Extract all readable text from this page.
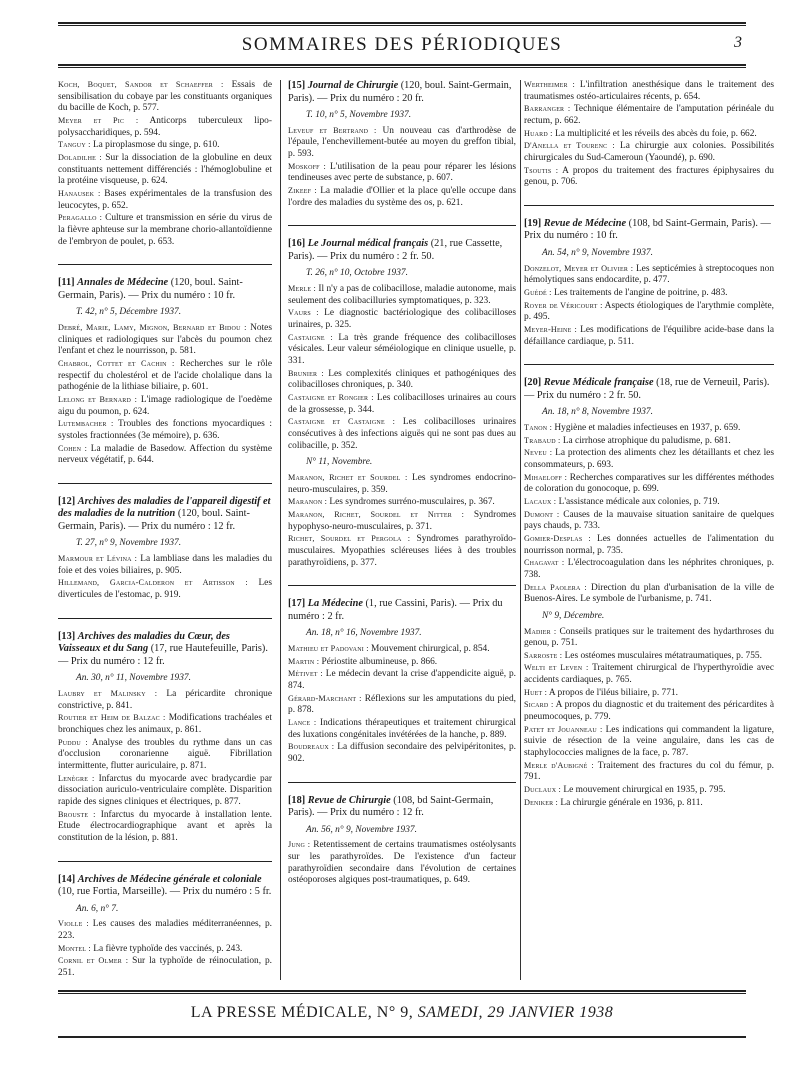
SOMMAIRES DES PÉRIODIQUES	3
Koch, Boquet, Sandor et Schaeffer : Essais de sensibilisation du cobaye par les constituants organiques du bacille de Koch, p. 577.
Meyer et Pic : Anticorps tuberculeux lipo-polysaccharidiques, p. 594.
Tanguy : La piroplasmose du singe, p. 610.
Doladilhe : Sur la dissociation de la globuline en deux constituants nettement différenciés : l'hémoglobuline et la protéine visqueuse, p. 624.
Hanausek : Bases expérimentales de la transfusion des leucocytes, p. 652.
Peragallo : Culture et transmission en série du virus de la fièvre aphteuse sur la membrane chorio-allantoïdienne de l'embryon de poulet, p. 653.
[11] Annales de Médecine (120, boul. Saint-Germain, Paris). — Prix du numéro : 10 fr.
T. 42, n° 5, Décembre 1937.
Debré, Marie, Lamy, Mignon, Bernard et Bidou : Notes cliniques et radiologiques sur l'abcès du poumon chez l'enfant et chez le nourrisson, p. 581.
Chabrol, Cottet et Cachin : Recherches sur le rôle respectif du cholestérol et de l'acide cholalique dans la pathogénie de la lithiase biliaire, p. 601.
Lelong et Bernard : L'image radiologique de l'oedème aigu du poumon, p. 624.
Lutembacher : Troubles des fonctions myocardiques : systoles fractionnées (3e mémoire), p. 636.
Cohen : La maladie de Basedow. Affection du système nerveux végétatif, p. 644.
[12] Archives des maladies de l'appareil digestif et des maladies de la nutrition (120, boul. Saint-Germain, Paris). — Prix du numéro : 12 fr.
T. 27, n° 9, Novembre 1937.
Marmour et Lévina : La lambliase dans les maladies du foie et des voies biliaires, p. 905.
Hillemand, Garcia-Calderon et Artisson : Les diverticules de l'estomac, p. 919.
[13] Archives des maladies du Cœur, des Vaisseaux et du Sang (17, rue Hautefeuille, Paris). — Prix du numéro : 12 fr.
An. 30, n° 11, Novembre 1937.
Laubry et Malinsky : La péricardite chronique constrictive, p. 841.
Routier et Heim de Balzac : Modifications trachéales et bronchiques chez les animaux, p. 861.
Puddu : Analyse des troubles du rythme dans un cas d'occlusion coronarienne aiguë. Fibrillation intermittente, flutter auriculaire, p. 871.
Lenègre : Infarctus du myocarde avec bradycardie par dissociation auriculo-ventriculaire complète. Disparition rapide des signes cliniques et électriques, p. 877.
Brouste : Infarctus du myocarde à installation lente. Etude électrocardiographique avant et après la constitution de la lésion, p. 881.
[14] Archives de Médecine générale et coloniale (10, rue Fortia, Marseille). — Prix du numéro : 5 fr.
An. 6, n° 7.
Violle : Les causes des maladies méditerranéennes, p. 223.
Montel : La fièvre typhoïde des vaccinés, p. 243.
Cornil et Olmer : Sur la typhoïde de réinoculation, p. 251.
[15] Journal de Chirurgie (120, boul. Saint-Germain, Paris). — Prix du numéro : 20 fr.
T. 10, n° 5, Novembre 1937.
Leveuf et Bertrand : Un nouveau cas d'arthrodèse de l'épaule, l'enchevillement-butée au moyen du greffon tibial, p. 593.
Moskoff : L'utilisation de la peau pour réparer les lésions tendineuses avec perte de substance, p. 607.
Zikeef : La maladie d'Ollier et la place qu'elle occupe dans l'ordre des maladies du système des os, p. 621.
[16] Le Journal médical français (21, rue Cassette, Paris). — Prix du numéro : 2 fr. 50.
T. 26, n° 10, Octobre 1937.
Merle : Il n'y a pas de colibacillose, maladie autonome, mais seulement des colibacilluries symptomatiques, p. 323.
Vaurs : Le diagnostic bactériologique des colibacilloses urinaires, p. 325.
Castaigne : La très grande fréquence des colibacilloses vésicales. Leur valeur séméiologique en clinique usuelle, p. 331.
Brunier : Les complexités cliniques et pathogéniques des colibacilloses chroniques, p. 340.
Castaigne et Rongier : Les colibacilloses urinaires au cours de la grossesse, p. 344.
Castaigne et Castaigne : Les colibacilloses urinaires consécutives à des infections aiguës qui ne sont pas dues au colibacille, p. 352.
N° 11, Novembre.
Maranon, Richet et Sourdel : Les syndromes endocrino-neuro-musculaires, p. 359.
Maranon : Les syndromes surréno-musculaires, p. 367.
Maranon, Richet, Sourdel et Nitter : Syndromes hypophyso-neuro-musculaires, p. 371.
Richet, Sourdel et Pergola : Syndromes parathyroïdo-musculaires. Myopathies scléreuses liées à des troubles parathyroïdiens, p. 377.
[17] La Médecine (1, rue Cassini, Paris). — Prix du numéro : 2 fr.
An. 18, n° 16, Novembre 1937.
Mathieu et Padovani : Mouvement chirurgical, p. 854.
Martin : Périostite albumineuse, p. 866.
Métivet : Le médecin devant la crise d'appendicite aiguë, p. 874.
Gérard-Marchant : Réflexions sur les amputations du pied, p. 878.
Lance : Indications thérapeutiques et traitement chirurgical des luxations congénitales invétérées de la hanche, p. 889.
Boudreaux : La diffusion secondaire des pelvipéritonites, p. 902.
[18] Revue de Chirurgie (108, bd Saint-Germain, Paris). — Prix du numéro : 12 fr.
An. 56, n° 9, Novembre 1937.
Jung : Retentissement de certains traumatismes ostéolysants sur les parathyroïdes. De l'existence d'un facteur parathyroïdien secondaire dans l'évolution de certaines ostéoporoses algiques post-traumatiques, p. 649.
Wertheimer : L'infiltration anesthésique dans le traitement des traumatismes ostéo-articulaires récents, p. 654.
Barranger : Technique élémentaire de l'amputation périnéale du rectum, p. 662.
Huard : La multiplicité et les réveils des abcès du foie, p. 662.
D'Anella et Tourenc : La chirurgie aux colonies. Possibilités chirurgicales du Sud-Cameroun (Yaoundé), p. 690.
Tsoutis : A propos du traitement des fractures épiphysaires du genou, p. 706.
[19] Revue de Médecine (108, bd Saint-Germain, Paris). — Prix du numéro : 10 fr.
An. 54, n° 9, Novembre 1937.
Donzelot, Meyer et Olivier : Les septicémies à streptocoques non hémolytiques sans endocardite, p. 477.
Guédé : Les traitements de l'angine de poitrine, p. 483.
Royer de Véricourt : Aspects étiologiques de l'arythmie complète, p. 495.
Meyer-Heine : Les modifications de l'équilibre acide-base dans la défaillance cardiaque, p. 511.
[20] Revue Médicale française (18, rue de Verneuil, Paris). — Prix du numéro : 2 fr. 50.
An. 18, n° 8, Novembre 1937.
Tanon : Hygiène et maladies infectieuses en 1937, p. 659.
Trabaud : La cirrhose atrophique du paludisme, p. 681.
Neveu : La protection des aliments chez les détaillants et chez les consommateurs, p. 693.
Mihaeloff : Recherches comparatives sur les différentes méthodes de coloration du gonocoque, p. 699.
Lacaux : L'assistance médicale aux colonies, p. 719.
Dumont : Causes de la mauvaise situation sanitaire de quelques pays chauds, p. 733.
Gomier-Desplas : Les données actuelles de l'alimentation du nourrisson normal, p. 735.
Chagavat : L'électrocoagulation dans les néphrites chroniques, p. 738.
Della Paolera : Direction du plan d'urbanisation de la ville de Buenos-Aires. Le symbole de l'urbanisme, p. 741.
N° 9, Décembre.
Madier : Conseils pratiques sur le traitement des hydarthroses du genou, p. 751.
Sarroste : Les ostéomes musculaires métatraumatiques, p. 755.
Welti et Leven : Traitement chirurgical de l'hyperthyroïdie avec accidents cardiaques, p. 765.
Huet : A propos de l'iléus biliaire, p. 771.
Sicard : A propos du diagnostic et du traitement des péricardites à pneumocoques, p. 779.
Patet et Jouanneau : Les indications qui commandent la ligature, suivie de résection de la veine angulaire, dans les cas de staphylococcies malignes de la face, p. 787.
Merle d'Aubigné : Traitement des fractures du col du fémur, p. 791.
Duclaux : Le mouvement chirurgical en 1935, p. 795.
Deniker : La chirurgie générale en 1936, p. 811.
LA PRESSE MÉDICALE, N° 9, SAMEDI, 29 JANVIER 1938
